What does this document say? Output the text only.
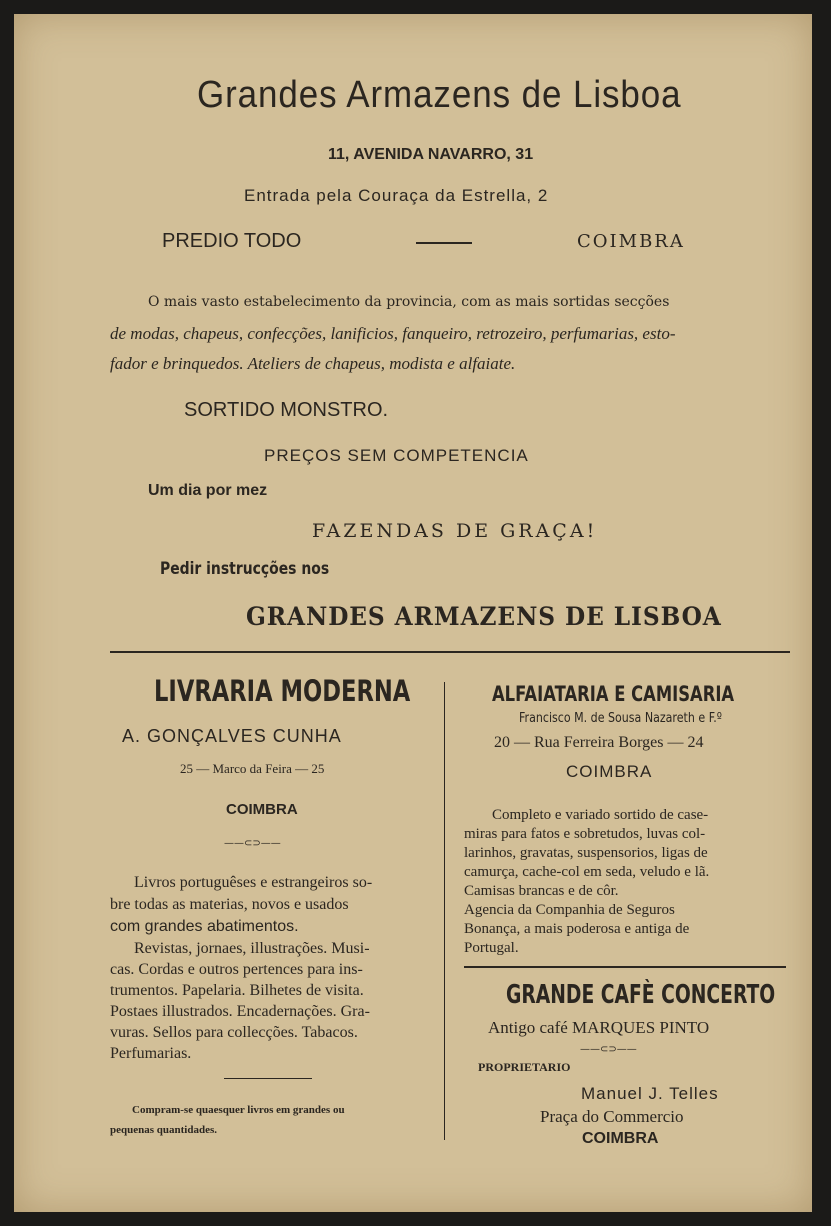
Grandes Armazens de Lisboa
11, AVENIDA NAVARRO, 31
Entrada pela Couraça da Estrella, 2
PREDIO TODO	COIMBRA
O mais vasto estabelecimento da provincia, com as mais sortidas secções
de modas, chapeus, confecções, lanificios, fanqueiro, retrozeiro, perfumarias, esto-
fador e brinquedos. Ateliers de chapeus, modista e alfaiate.
SORTIDO MONSTRO.
PREÇOS SEM COMPETENCIA
Um dia por mez
FAZENDAS DE GRAÇA!
Pedir instrucções nos
GRANDES ARMAZENS DE LISBOA
LIVRARIA MODERNA
A. GONÇALVES CUNHA
25 — Marco da Feira — 25
COIMBRA
——⊂⊃——
Livros portuguêses e estrangeiros so-
bre todas as materias, novos e usados
com grandes abatimentos.
Revistas, jornaes, illustrações. Musi-
cas. Cordas e outros pertences para ins-
trumentos. Papelaria. Bilhetes de visita.
Postaes illustrados. Encadernações. Gra-
vuras. Sellos para collecções. Tabacos.
Perfumarias.
Compram-se quaesquer livros em grandes ou
pequenas quantidades.
ALFAIATARIA E CAMISARIA
Francisco M. de Sousa Nazareth e F.º
20 — Rua Ferreira Borges — 24
COIMBRA
Completo e variado sortido de case-
miras para fatos e sobretudos, luvas col-
larinhos, gravatas, suspensorios, ligas de
camurça, cache-col em seda, veludo e lã.
Camisas brancas e de côr.
Agencia da Companhia de Seguros
Bonança, a mais poderosa e antiga de
Portugal.
GRANDE CAFÈ CONCERTO
Antigo café MARQUES PINTO
——⊂⊃——
PROPRIETARIO
Manuel J. Telles
Praça do Commercio
COIMBRA
